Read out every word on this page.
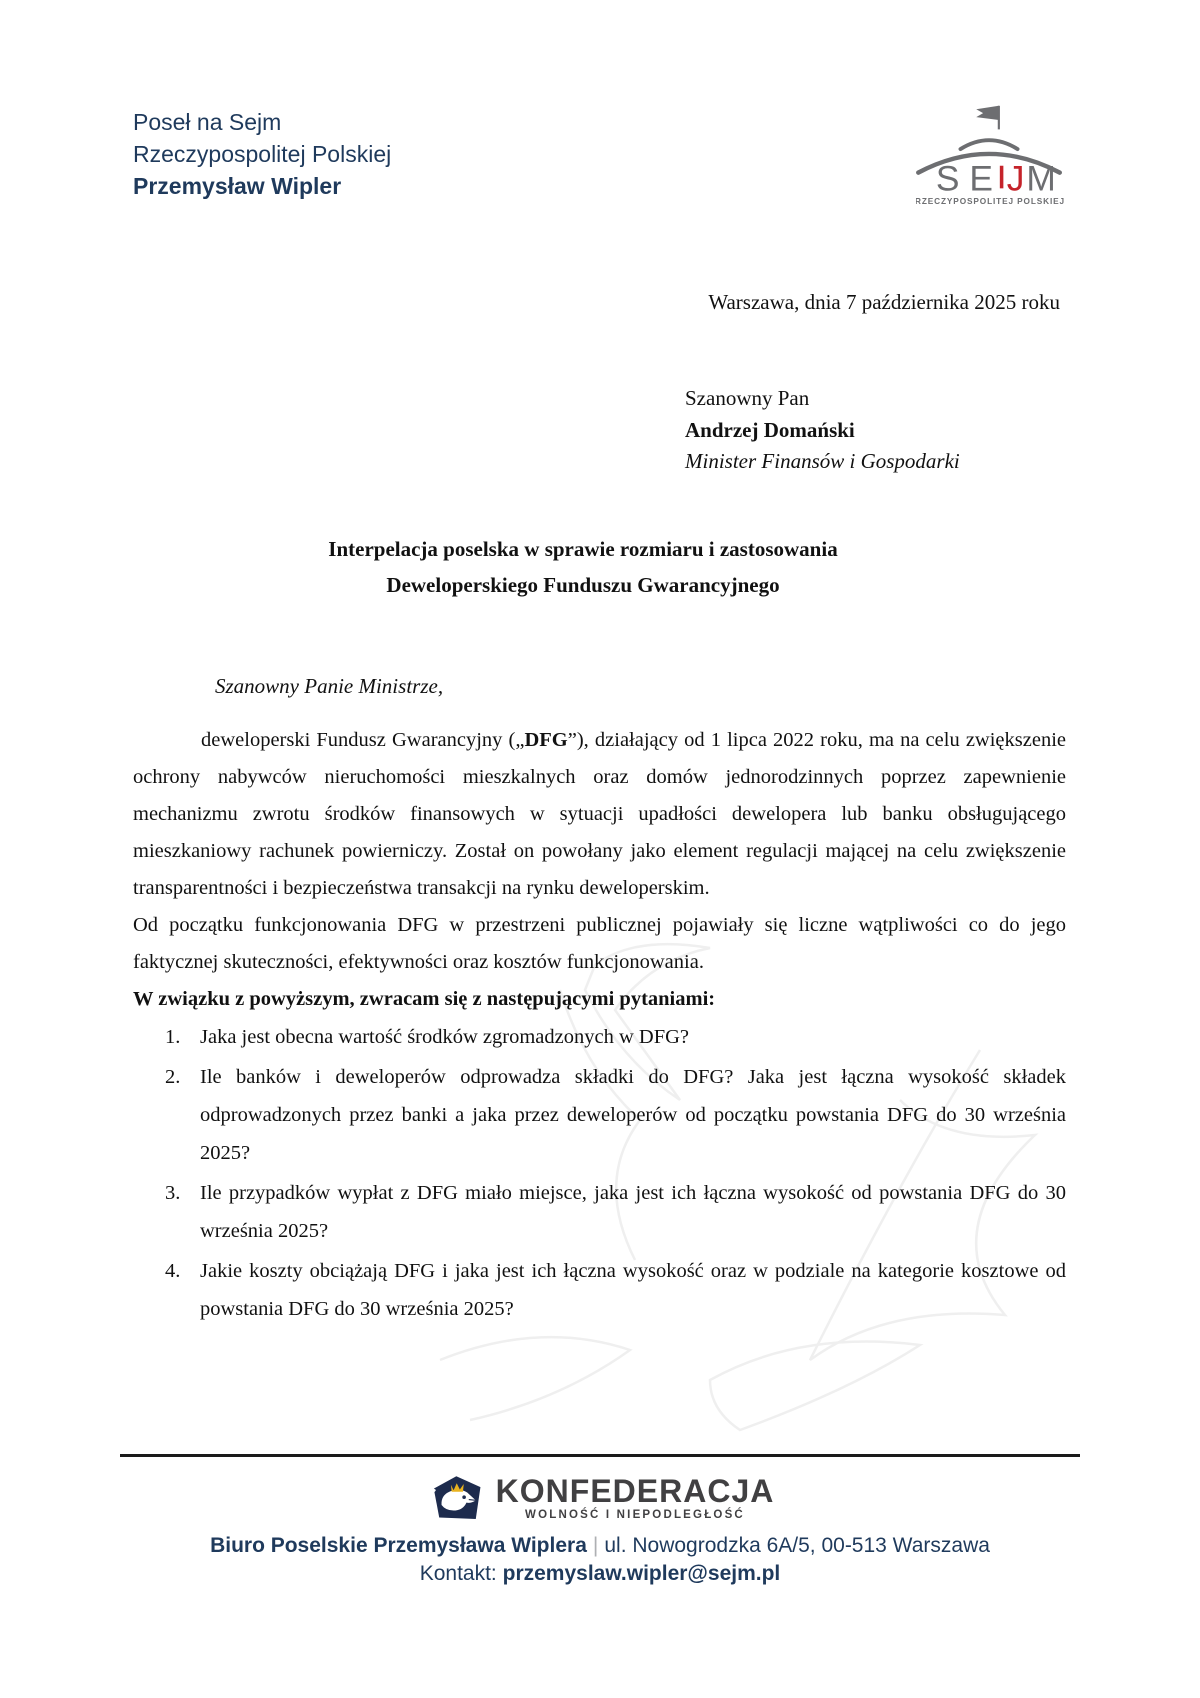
Poseł na Sejm
Rzeczypospolitej Polskiej
Przemysław Wipler	S E J M
RZECZYPOSPOLITEJ POLSKIEJ
Warszawa, dnia 7 października 2025 roku
Szanowny Pan
Andrzej Domański
Minister Finansów i Gospodarki
Interpelacja poselska w sprawie rozmiaru i zastosowania
Deweloperskiego Funduszu Gwarancyjnego
Szanowny Panie Ministrze,

deweloperski Fundusz Gwarancyjny („DFG”), działający od 1 lipca 2022 roku, ma na celu zwiększenie ochrony nabywców nieruchomości mieszkalnych oraz domów jednorodzinnych poprzez zapewnienie mechanizmu zwrotu środków finansowych w sytuacji upadłości dewelopera lub banku obsługującego mieszkaniowy rachunek powierniczy. Został on powołany jako element regulacji mającej na celu zwiększenie transparentności i bezpieczeństwa transakcji na rynku deweloperskim.

Od początku funkcjonowania DFG w przestrzeni publicznej pojawiały się liczne wątpliwości co do jego faktycznej skuteczności, efektywności oraz kosztów funkcjonowania.

W związku z powyższym, zwracam się z następującymi pytaniami:

1. Jaka jest obecna wartość środków zgromadzonych w DFG?
2. Ile banków i deweloperów odprowadza składki do DFG? Jaka jest łączna wysokość składek odprowadzonych przez banki a jaka przez deweloperów od początku powstania DFG do 30 września 2025?
3. Ile przypadków wypłat z DFG miało miejsce, jaka jest ich łączna wysokość od powstania DFG do 30 września 2025?
4. Jakie koszty obciążają DFG i jaka jest ich łączna wysokość oraz w podziale na kategorie kosztowe od powstania DFG do 30 września 2025?
KONFEDERACJA
WOLNOŚĆ I NIEPODLEGŁOŚĆ
Biuro Poselskie Przemysława Wiplera | ul. Nowogrodzka 6A/5, 00-513 Warszawa
Kontakt: przemyslaw.wipler@sejm.pl
